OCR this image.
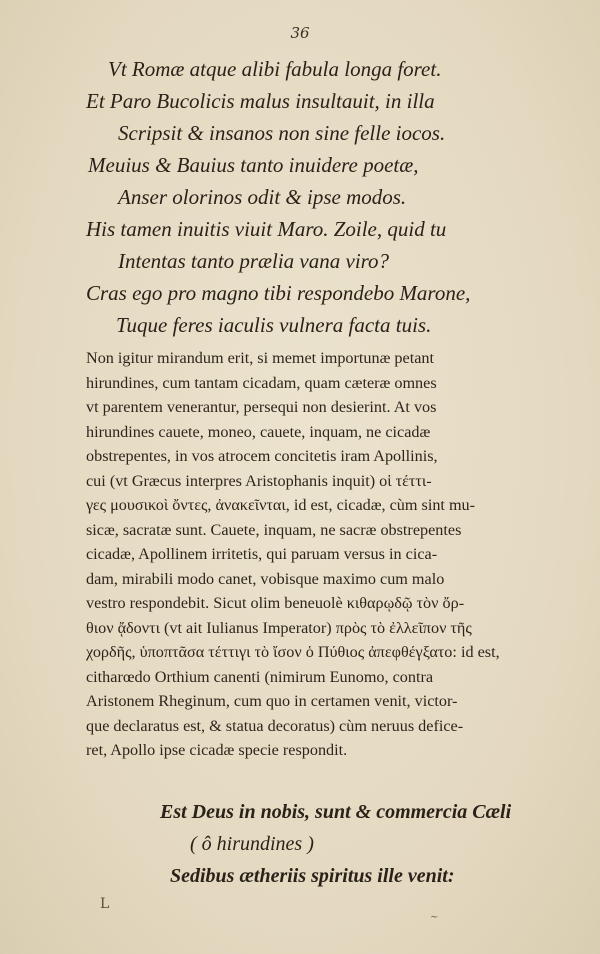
36
Vt Romæ atque alibi fabula longa foret.
Et Paro Bucolicis malus insultauit, in illa
Scripsit & insanos non sine felle iocos.
Meuius & Bauius tanto inuidere poetæ,
Anser olorinos odit & ipse modos.
His tamen inuitis viuit Maro. Zoile, quid tu
Intentas tanto prælia vana viro?
Cras ego pro magno tibi respondebo Marone,
Tuque feres iaculis vulnera facta tuis.
Non igitur mirandum erit, si memet importunæ petant
hirundines, cum tantam cicadam, quam cæteræ omnes
vt parentem venerantur, persequi non desierint. At vos
hirundines cauete, moneo, cauete, inquam, ne cicadæ
obstrepentes, in vos atrocem concitetis iram Apollinis,
cui (vt Græcus interpres Aristophanis inquit) οἱ τέττι-
γες μουσικοὶ ὄντες, ἀνακεῖνται, id est, cicadæ, cùm sint mu-
sicæ, sacratæ sunt. Cauete, inquam, ne sacræ obstrepentes
cicadæ, Apollinem irritetis, qui paruam versus in cica-
dam, mirabili modo canet, vobisque maximo cum malo
vestro respondebit. Sicut olim beneuolè κιθαρῳδῷ τὸν ὄρ-
θιον ᾄδοντι (vt ait Iulianus Imperator) πρὸς τὸ ἐλλεῖπον τῆς
χορδῆς, ὑποπτᾶσα τέττιγι τὸ ἴσον ὁ Πύθιος ἀπεφθέγξατο: id est,
citharœdo Orthium canenti (nimirum Eunomo, contra
Aristonem Rheginum, cum quo in certamen venit, victor-
que declaratus est, & statua decoratus) cùm neruus defice-
ret, Apollo ipse cicadæ specie respondit.
Est Deus in nobis, sunt & commercia Cæli
( ô hirundines )
Sedibus ætheriis spiritus ille venit:
L
~
